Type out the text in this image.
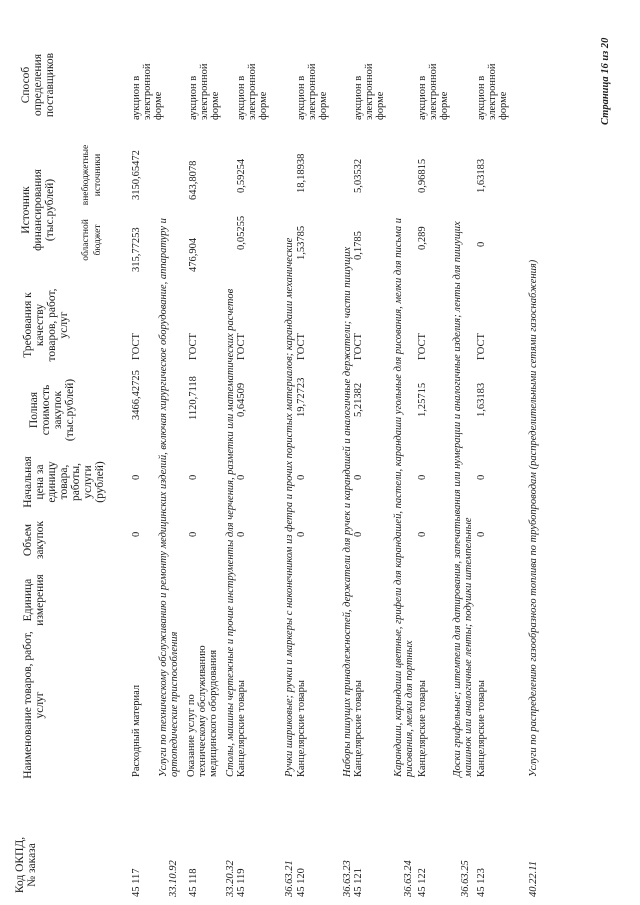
Код ОКПД, № заказа
Наименование товаров, работ, услуг
Единица измерения
Объем закупок
Начальная цена за единицу товара, работы, услуги (рублей)
Полная стоимость закупок (тыс.рублей)
Требования к качеству товаров, работ, услуг
Источник финансирования (тыс.рублей)	областной бюджет
внебюджетные источники
Способ определения поставщиков
45 117
Расходный материал
0
0
3466,42725
ГОСТ
315,77253
3150,65472
аукцион в электронной форме
33.10.92
Услуги по техническому обслуживанию и ремонту медицинских изделий, включая хирургическое оборудование, аппаратуру и ортопедические приспособления
45 118
Оказание услуг по техническому обслуживанию медицинского оборудования
0
0
1120,7118
ГОСТ
476,904
643,8078
аукцион в электронной форме
33.20.32
Столы, машины чертежные и прочие инструменты для черчения, разметки или математических расчетов
45 119
Канцелярские товары
0
0
0,64509
ГОСТ
0,05255
0,59254
аукцион в электронной форме
36.63.21
Ручки шариковые; ручки и маркеры с наконечником из фетра и прочих пористых материалов; карандаши механические
45 120
Канцелярские товары
0
0
19,72723
ГОСТ
1,53785
18,18938
аукцион в электронной форме
36.63.23
Наборы пишущих принадлежностей, держатели для ручек и карандашей и аналогичные держатели; части пишущих
45 121
Канцелярские товары
0
0
5,21382
ГОСТ
0,1785
5,03532
аукцион в электронной форме
36.63.24
Карандаши, карандаши цветные, грифели для карандашей, пастели, карандаши угольные для рисования, мелки для письма и рисования, мелки для портных
45 122
Канцелярские товары
0
0
1,25715
ГОСТ
0,289
0,96815
аукцион в электронной форме
36.63.25
Доски грифельные; штемпели для датирования, запечатывания или нумерации и аналогичные изделия; ленты для пишущих машинок или аналогичные ленты; подушки штемпельные
45 123
Канцелярские товары
0
0
1,63183
ГОСТ
0
1,63183
аукцион в электронной форме
40.22.11
Услуги по распределению газообразного топлива по трубопроводам (распределительными сетями газоснабжения)
Страница 16 из 20
